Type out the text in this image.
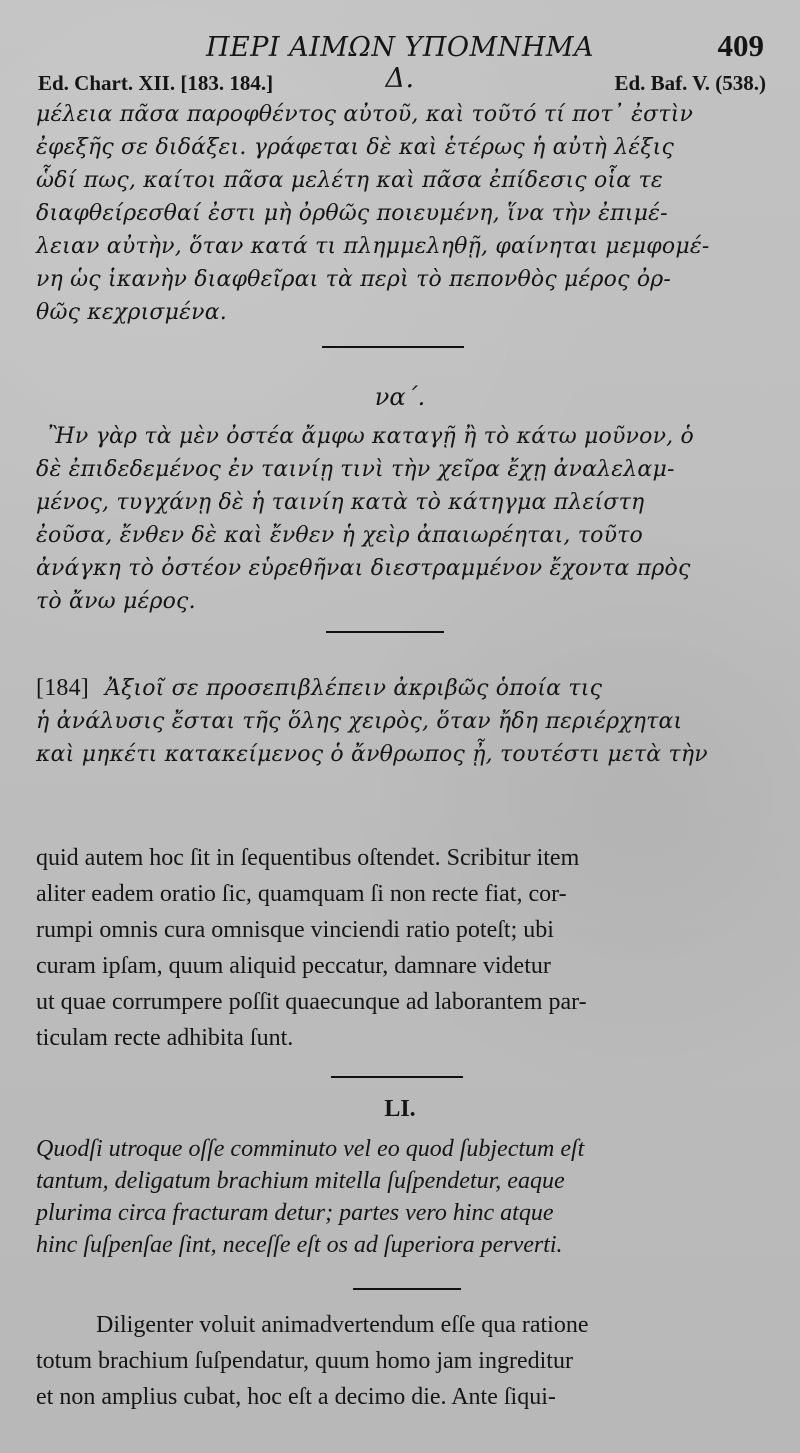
ΠΕΡΙ ΑΙΜΩΝ ΥΠΟΜΝΗΜΑ Δ.
409
Ed. Chart. XII. [183. 184.]	Ed. Baf. V. (538.)
μέλεια πᾶσα παροφθέντος αὐτοῦ, καὶ τοῦτό τί ποτ᾽ ἐστὶν
ἐφεξῆς σε διδάξει. γράφεται δὲ καὶ ἑτέρως ἡ αὐτὴ λέξις
ὧδί πως, καίτοι πᾶσα μελέτη καὶ πᾶσα ἐπίδεσις οἷα τε
διαφθείρεσθαί ἐστι μὴ ὀρθῶς ποιευμένη, ἵνα τὴν ἐπιμέ-
λειαν αὐτὴν, ὅταν κατά τι πλημμεληθῇ, φαίνηται μεμφομέ-
νη ὡς ἱκανὴν διαφθεῖραι τὰ περὶ τὸ πεπονθὸς μέρος ὀρ-
θῶς κεχρισμένα.
να΄.
Ἢν γὰρ τὰ μὲν ὀστέα ἄμφω καταγῇ ἢ τὸ κάτω μοῦνον, ὁ
δὲ ἐπιδεδεμένος ἐν ταινίῃ τινὶ τὴν χεῖρα ἔχῃ ἀναλελαμ-
μένος, τυγχάνῃ δὲ ἡ ταινίη κατὰ τὸ κάτηγμα πλείστη
ἐοῦσα, ἔνθεν δὲ καὶ ἔνθεν ἡ χεὶρ ἀπαιωρέηται, τοῦτο
ἀνάγκη τὸ ὀστέον εὑρεθῆναι διεστραμμένον ἔχοντα πρὸς
τὸ ἄνω μέρος.
[184] Ἀξιοῖ σε προσεπιβλέπειν ἀκριβῶς ὁποία τις
ἡ ἀνάλυσις ἔσται τῆς ὅλης χειρὸς, ὅταν ἤδη περιέρχηται
καὶ μηκέτι κατακείμενος ὁ ἄνθρωπος ᾖ, τουτέστι μετὰ τὴν
quid autem hoc ſit in ſequentibus oſtendet. Scribitur item
aliter eadem oratio ſic, quamquam ſi non recte fiat, cor-
rumpi omnis cura omnisque vinciendi ratio poteſt; ubi
curam ipſam, quum aliquid peccatur, damnare videtur
ut quae corrumpere poſſit quaecunque ad laborantem par-
ticulam recte adhibita ſunt.
LI.
Quodſi utroque oſſe comminuto vel eo quod ſubjectum eſt
tantum, deligatum brachium mitella ſuſpendetur, eaque
plurima circa fracturam detur; partes vero hinc atque
hinc ſuſpenſae ſint, neceſſe eſt os ad ſuperiora perverti.
Diligenter voluit animadvertendum eſſe qua ratione
totum brachium ſuſpendatur, quum homo jam ingreditur
et non amplius cubat, hoc eſt a decimo die. Ante ſiqui-
